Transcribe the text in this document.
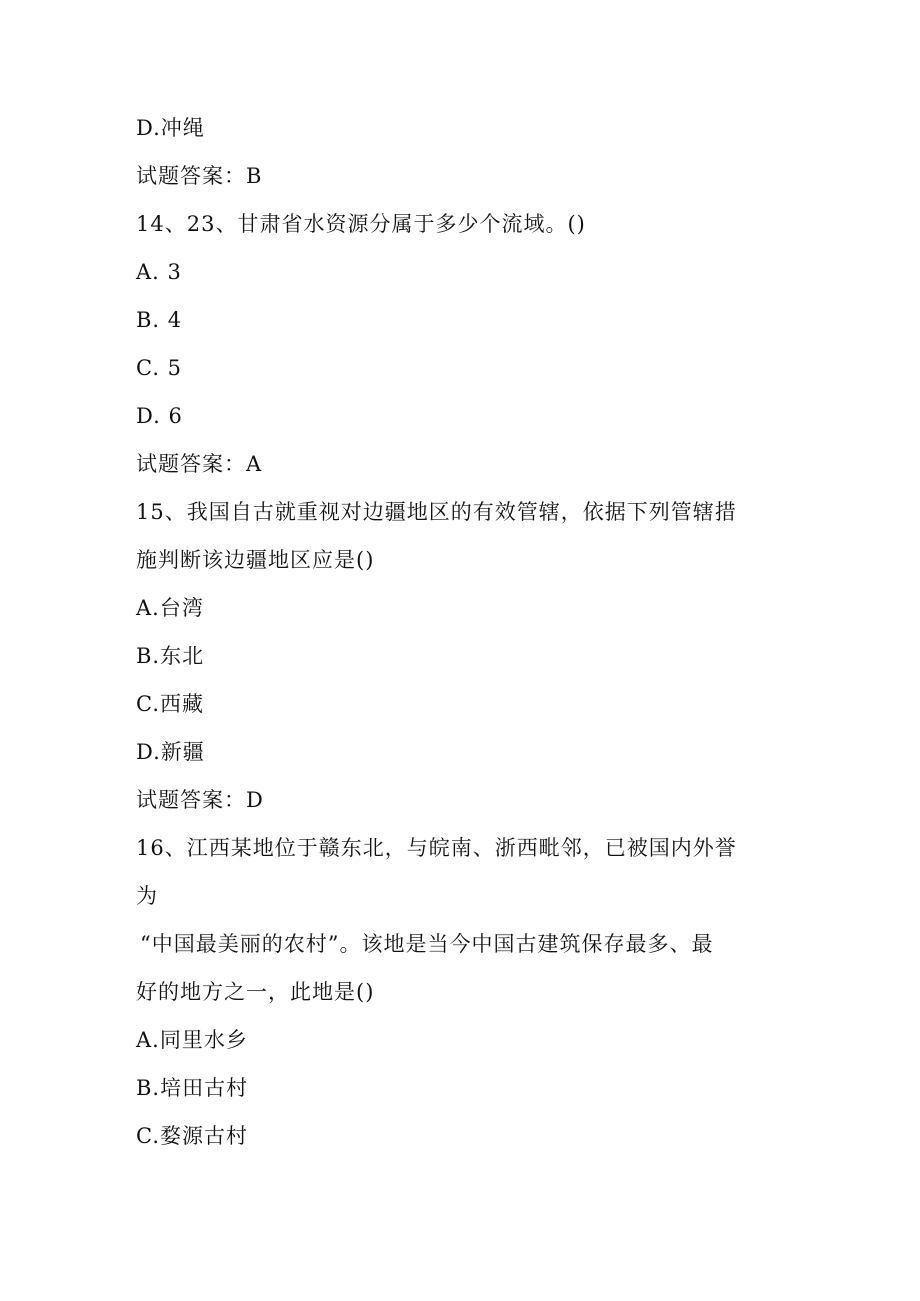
D.冲绳
试题答案：B
14、23、甘肃省水资源分属于多少个流域。()
A. 3
B. 4
C. 5
D. 6
试题答案：A
15、我国自古就重视对边疆地区的有效管辖，依据下列管辖措
施判断该边疆地区应是()
A.台湾
B.东北
C.西藏
D.新疆
试题答案：D
16、江西某地位于赣东北，与皖南、浙西毗邻，已被国内外誉
为
“中国最美丽的农村”。该地是当今中国古建筑保存最多、最
好的地方之一，此地是()
A.同里水乡
B.培田古村
C.婺源古村
